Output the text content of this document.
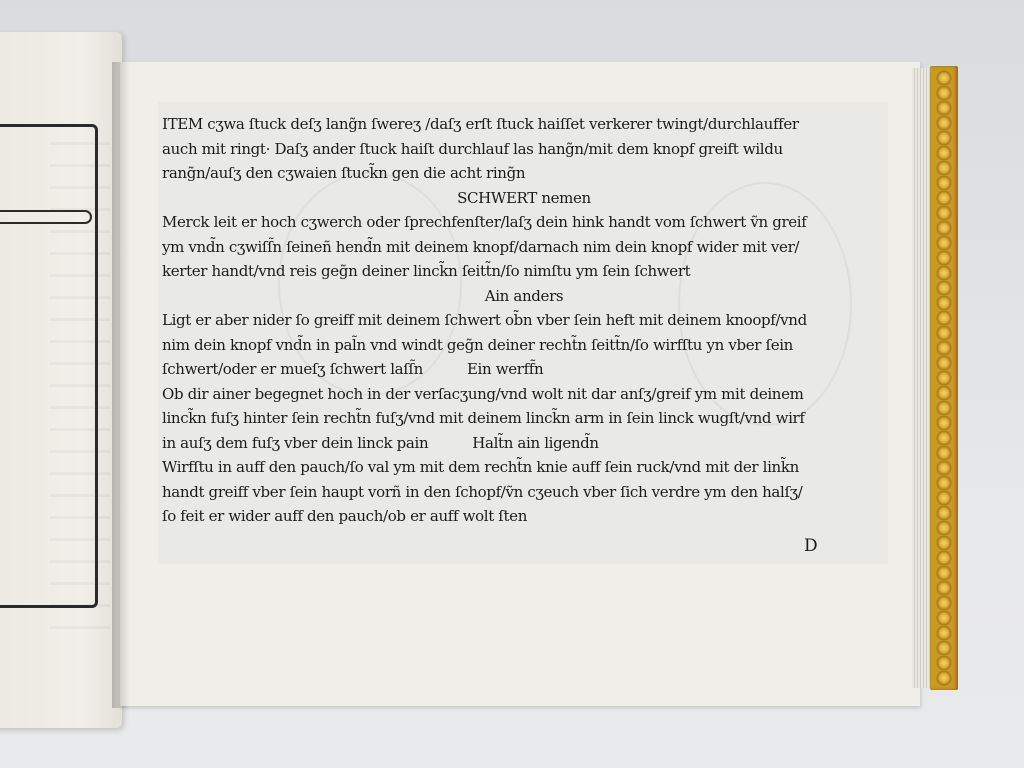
ITEM cʒwa ſtuck deſʒ lang̃n ſwereʒ /daſʒ erſt ſtuck haiſſet verkerer twingt/durchlauffer
auch mit ringt· Daſʒ ander ſtuck haiſt durchlauf las hang̃n/mit dem knopf greift wildu
rang̃n/auſʒ den cʒwaien ſtuck̃n gen die acht ring̃n
SCHWERT nemen
Merck leit er hoch cʒwerch oder ſprechfenſter/laſʒ dein hink handt vom ſchwert ṽn greif
ym vnd̃n cʒwiſſ̃n ſeineñ hend̃n mit deinem knopf/darnach nim dein knopf wider mit ver/
kerter handt/vnd reis geg̃n deiner linck̃n ſeitt̃n/ſo nimſtu ym ſein ſchwert
Ain anders
Ligt er aber nider ſo greiff mit deinem ſchwert ob̃n vber ſein heft mit deinem knoopf/vnd
nim dein knopf vnd̃n in pal̃n vnd windt geg̃n deiner recht̃n ſeitt̃n/ſo wirfſtu yn vber ſein
ſchwert/oder er mueſʒ ſchwert laſſ̃n	Ein werff̃n
Ob dir ainer begegnet hoch in der verſacʒung/vnd wolt nit dar anſʒ/greif ym mit deinem
linck̃n fuſʒ hinter ſein recht̃n fuſʒ/vnd mit deinem linck̃n arm in ſein linck wugſt/vnd wirf
in auſʒ dem fuſʒ vber dein linck pain	Halt̃n ain ligend̃n
Wirfſtu in auff den pauch/ſo val ym mit dem recht̃n knie auff ſein ruck/vnd mit der link̃n
handt greiff vber ſein haupt vorñ in den ſchopf/ṽn cʒeuch vber ſich verdre ym den halſʒ/
ſo feit er wider auff den pauch/ob er auff wolt ſten
D
